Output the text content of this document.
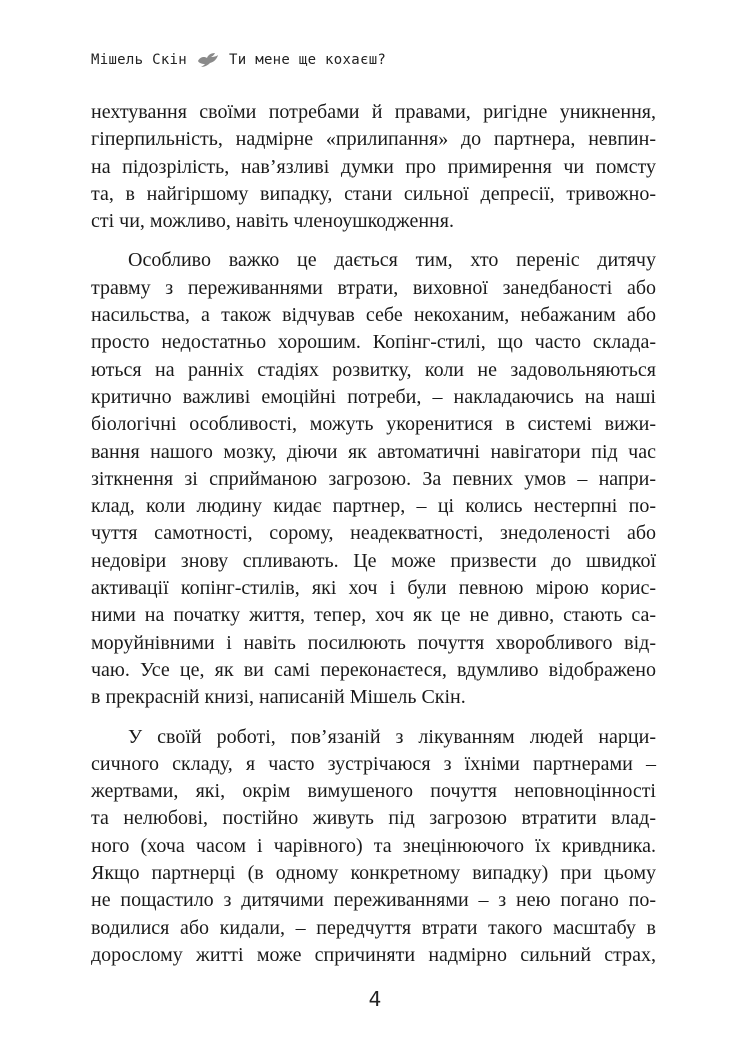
Мішель Скін	Ти мене ще кохаєш?

нехтування своїми потребами й правами, ригідне уникнення,
гіперпильність, надмірне «прилипання» до партнера, невпин-
на підозрілість, нав’язливі думки про примирення чи помсту
та, в найгіршому випадку, стани сильної депресії, тривожно-
сті чи, можливо, навіть членоушкодження.

Особливо важко це дається тим, хто переніс дитячу
травму з переживаннями втрати, виховної занедбаності або
насильства, а також відчував себе некоханим, небажаним або
просто недостатньо хорошим. Копінг-стилі, що часто склада-
ються на ранніх стадіях розвитку, коли не задовольняються
критично важливі емоційні потреби, – накладаючись на наші
біологічні особливості, можуть укоренитися в системі вижи-
вання нашого мозку, діючи як автоматичні навігатори під час
зіткнення зі сприйманою загрозою. За певних умов – напри-
клад, коли людину кидає партнер, – ці колись нестерпні по-
чуття самотності, сорому, неадекватності, знедоленості або
недовіри знову спливають. Це може призвести до швидкої
активації копінг-стилів, які хоч і були певною мірою корис-
ними на початку життя, тепер, хоч як це не дивно, стають са-
моруйнівними і навіть посилюють почуття хворобливого від-
чаю. Усе це, як ви самі переконаєтеся, вдумливо відображено
в прекрасній книзі, написаній Мішель Скін.

У своїй роботі, пов’язаній з лікуванням людей нарци-
сичного складу, я часто зустрічаюся з їхніми партнерами –
жертвами, які, окрім вимушеного почуття неповноцінності
та нелюбові, постійно живуть під загрозою втратити влад-
ного (хоча часом і чарівного) та знецінюючого їх кривдника.
Якщо партнерці (в одному конкретному випадку) при цьому
не пощастило з дитячими переживаннями – з нею погано по-
водилися або кидали, – передчуття втрати такого масштабу в
дорослому житті може спричиняти надмірно сильний страх,

4
